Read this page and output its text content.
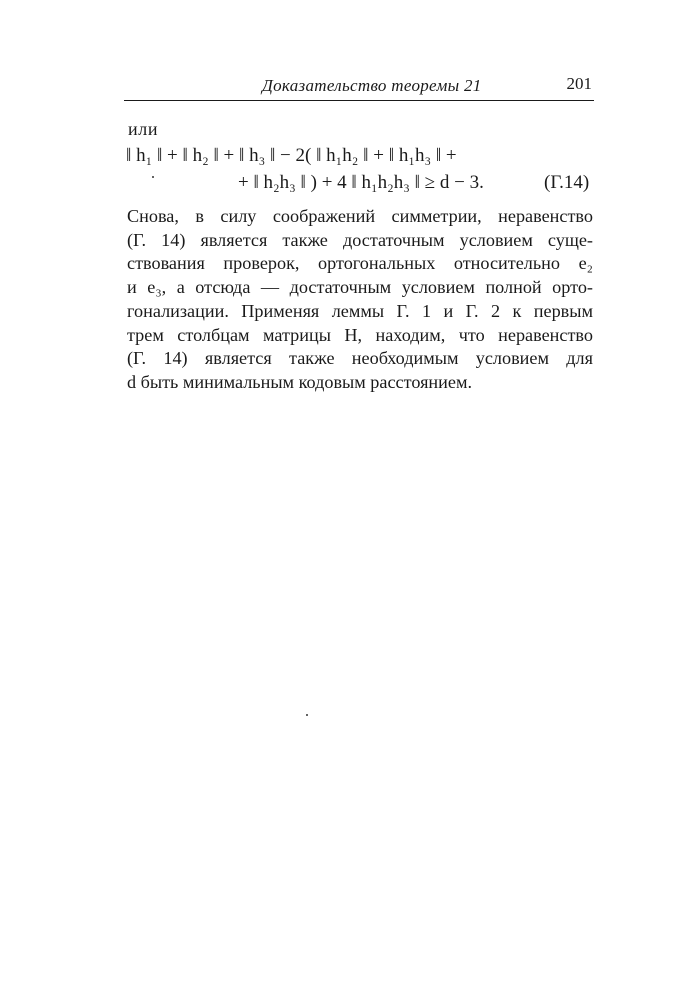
Доказательство теоремы 21	201
или
‖ h₁ ‖ + ‖ h₂ ‖ + ‖ h₃ ‖ − 2( ‖ h₁h₂ ‖ + ‖ h₁h₃ ‖ +
+ ‖ h₂h₃ ‖ ) + 4 ‖ h₁h₂h₃ ‖ ≥ d − 3.	(Г.14)
Снова, в силу соображений симметрии, неравенство
(Г. 14) является также достаточным условием суще-
ствования проверок, ортогональных относительно e₂
и e₃, а отсюда — достаточным условием полной орто-
гонализации. Применяя леммы Г. 1 и Г. 2 к первым
трем столбцам матрицы H, находим, что неравенство
(Г. 14) является также необходимым условием для
d быть минимальным кодовым расстоянием.
